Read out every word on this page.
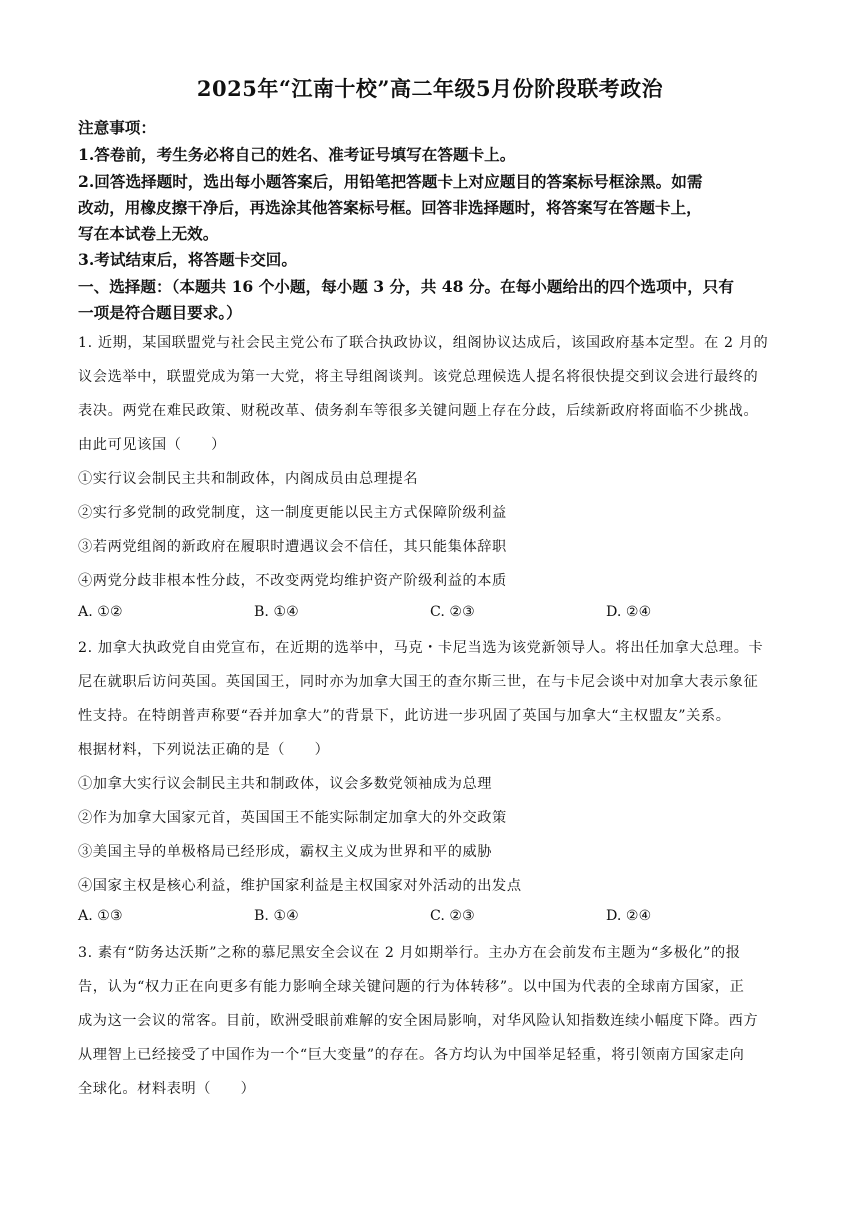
2025年“江南十校”高二年级5月份阶段联考政治
注意事项：
1.答卷前，考生务必将自己的姓名、准考证号填写在答题卡上。
2.回答选择题时，选出每小题答案后，用铅笔把答题卡上对应题目的答案标号框涂黑。如需
改动，用橡皮擦干净后，再选涂其他答案标号框。回答非选择题时，将答案写在答题卡上，
写在本试卷上无效。
3.考试结束后，将答题卡交回。
一、选择题：（本题共 16 个小题，每小题 3 分，共 48 分。在每小题给出的四个选项中，只有
一项是符合题目要求。）
1. 近期，某国联盟党与社会民主党公布了联合执政协议，组阁协议达成后，该国政府基本定型。在 2 月的
议会选举中，联盟党成为第一大党，将主导组阁谈判。该党总理候选人提名将很快提交到议会进行最终的
表决。两党在难民政策、财税改革、债务刹车等很多关键问题上存在分歧，后续新政府将面临不少挑战。
由此可见该国（　　）
①实行议会制民主共和制政体，内阁成员由总理提名
②实行多党制的政党制度，这一制度更能以民主方式保障阶级利益
③若两党组阁的新政府在履职时遭遇议会不信任，其只能集体辞职
④两党分歧非根本性分歧，不改变两党均维护资产阶级利益的本质
A. ①②	B. ①④	C. ②③	D. ②④
2. 加拿大执政党自由党宣布，在近期的选举中，马克・卡尼当选为该党新领导人。将出任加拿大总理。卡
尼在就职后访问英国。英国国王，同时亦为加拿大国王的查尔斯三世，在与卡尼会谈中对加拿大表示象征
性支持。在特朗普声称要“吞并加拿大”的背景下，此访进一步巩固了英国与加拿大“主权盟友”关系。
根据材料，下列说法正确的是（　　）
①加拿大实行议会制民主共和制政体，议会多数党领袖成为总理
②作为加拿大国家元首，英国国王不能实际制定加拿大的外交政策
③美国主导的单极格局已经形成，霸权主义成为世界和平的威胁
④国家主权是核心利益，维护国家利益是主权国家对外活动的出发点
A. ①③	B. ①④	C. ②③	D. ②④
3. 素有“防务达沃斯”之称的慕尼黑安全会议在 2 月如期举行。主办方在会前发布主题为“多极化”的报
告，认为“权力正在向更多有能力影响全球关键问题的行为体转移”。以中国为代表的全球南方国家，正
成为这一会议的常客。目前，欧洲受眼前难解的安全困局影响，对华风险认知指数连续小幅度下降。西方
从理智上已经接受了中国作为一个“巨大变量”的存在。各方均认为中国举足轻重，将引领南方国家走向
全球化。材料表明（　　）
